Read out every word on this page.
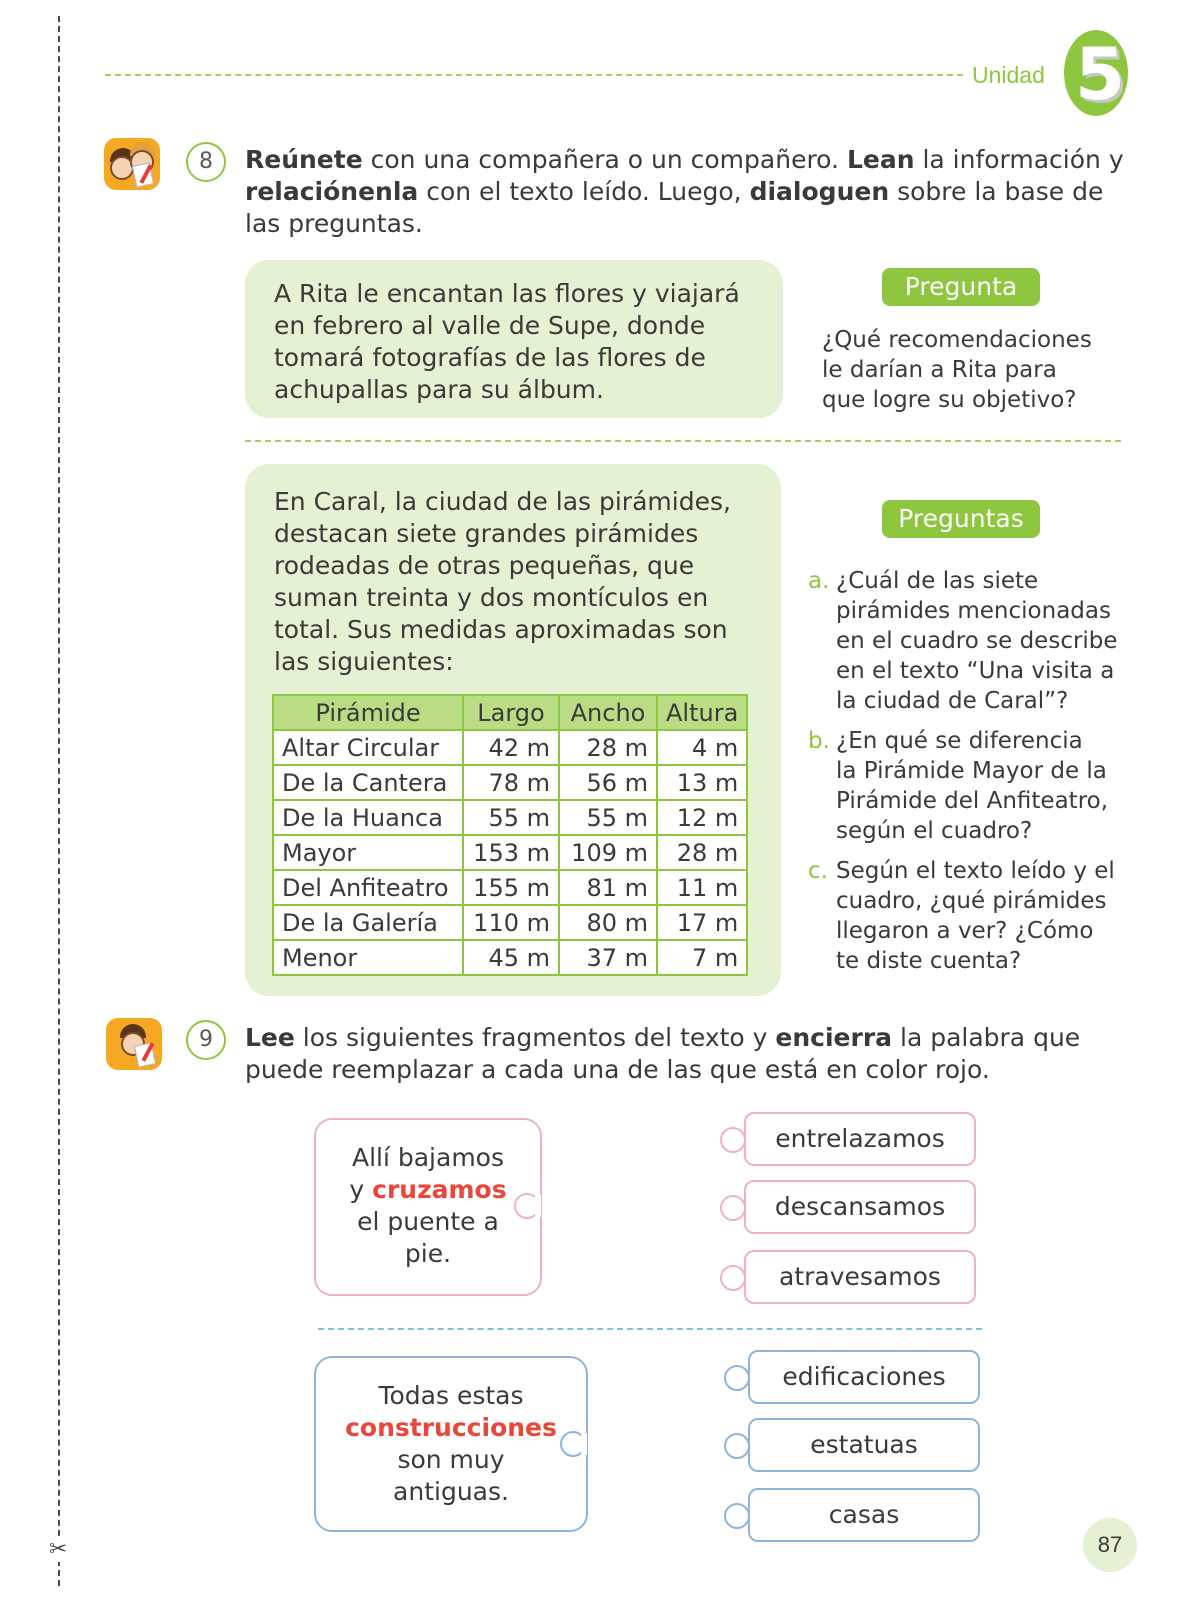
✂
Unidad 5
8	Reúnete con una compañera o un compañero. Lean la información y relaciónenla con el texto leído. Luego, dialoguen sobre la base de las preguntas.
A Rita le encantan las flores y viajará
en febrero al valle de Supe, donde
tomará fotografías de las flores de
achupallas para su álbum.
Pregunta
¿Qué recomendaciones
le darían a Rita para
que logre su objetivo?
En Caral, la ciudad de las pirámides,
destacan siete grandes pirámides
rodeadas de otras pequeñas, que
suman treinta y dos montículos en
total. Sus medidas aproximadas son
las siguientes:
Pirámide	Largo	Ancho	Altura
Altar Circular	42 m	28 m	4 m
De la Cantera	78 m	56 m	13 m
De la Huanca	55 m	55 m	12 m
Mayor	153 m	109 m	28 m
Del Anfiteatro	155 m	81 m	11 m
De la Galería	110 m	80 m	17 m
Menor	45 m	37 m	7 m
Preguntas
a. ¿Cuál de las siete
pirámides mencionadas
en el cuadro se describe
en el texto “Una visita a
la ciudad de Caral”?
b. ¿En qué se diferencia
la Pirámide Mayor de la
Pirámide del Anfiteatro,
según el cuadro?
c. Según el texto leído y el
cuadro, ¿qué pirámides
llegaron a ver? ¿Cómo
te diste cuenta?
9	Lee los siguientes fragmentos del texto y encierra la palabra que puede reemplazar a cada una de las que está en color rojo.
Allí bajamos
y cruzamos
el puente a
pie.
entrelazamos
descansamos
atravesamos
Todas estas
construcciones
son muy
antiguas.
edificaciones
estatuas
casas
87
